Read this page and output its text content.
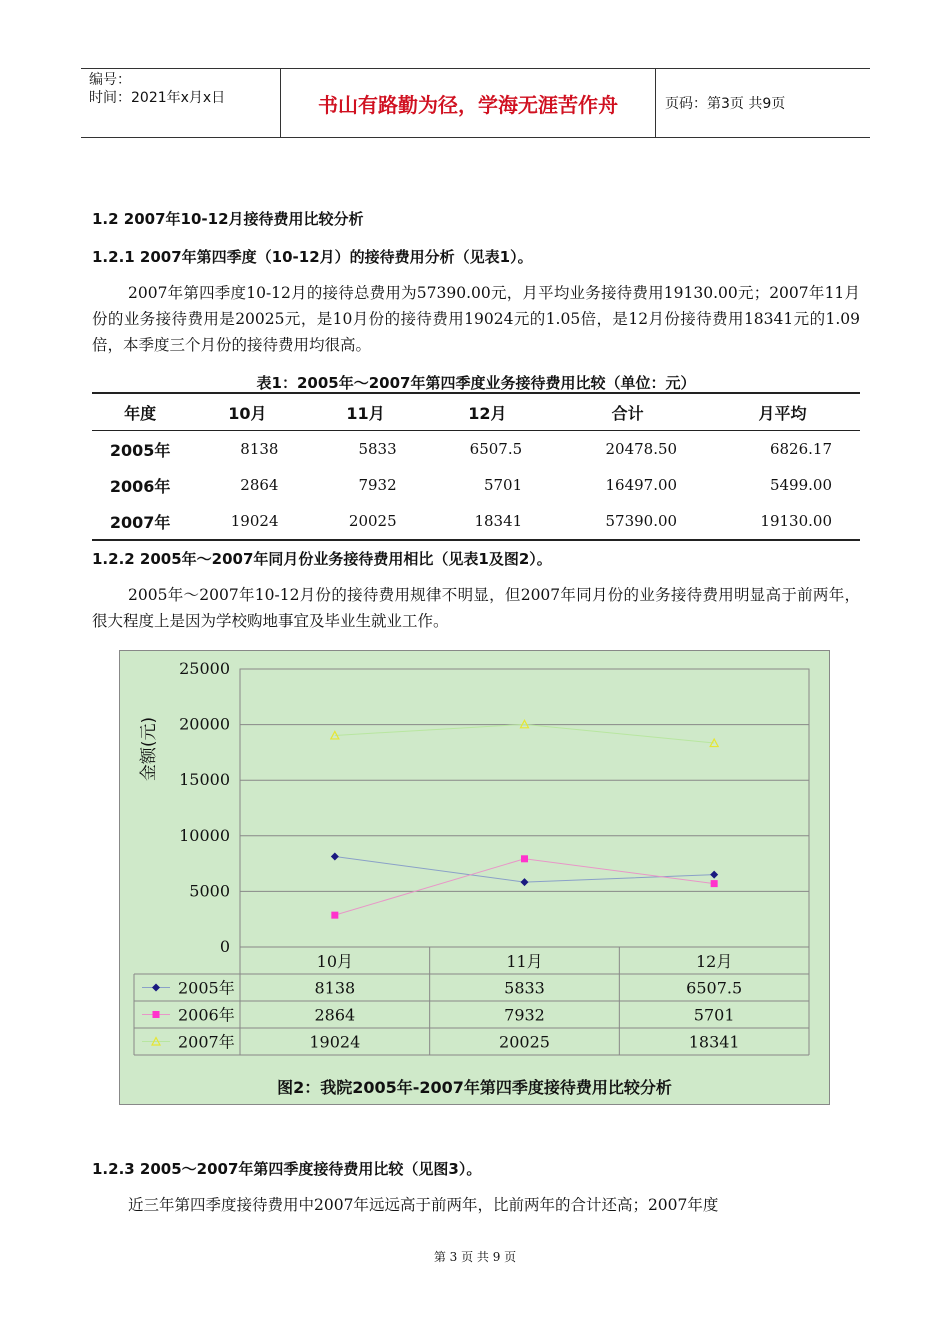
编号：
时间：2021年x月x日	书山有路勤为径，学海无涯苦作舟	页码：第3页 共9页
1.2 2007年10-12月接待费用比较分析
1.2.1 2007年第四季度（10-12月）的接待费用分析（见表1）。
2007年第四季度10-12月的接待总费用为57390.00元，月平均业务接待费用19130.00元；2007年11月份的业务接待费用是20025元，是10月份的接待费用19024元的1.05倍，是12月份接待费用18341元的1.09倍，本季度三个月份的接待费用均很高。
表1：2005年～2007年第四季度业务接待费用比较（单位：元）
年度	10月	11月	12月	合计	月平均
2005年	8138	5833	6507.5	20478.50	6826.17
2006年	2864	7932	5701	16497.00	5499.00
2007年	19024	20025	18341	57390.00	19130.00
1.2.2 2005年～2007年同月份业务接待费用相比（见表1及图2）。
2005年～2007年10-12月份的接待费用规律不明显，但2007年同月份的业务接待费用明显高于前两年，很大程度上是因为学校购地事宜及毕业生就业工作。
0
5000
10000
15000
20000
25000
金额(元)
10月	11月	12月
2005年	8138	5833	6507.5
2006年	2864	7932	5701
2007年	19024	20025	18341
图2：我院2005年-2007年第四季度接待费用比较分析
1.2.3 2005～2007年第四季度接待费用比较（见图3）。
近三年第四季度接待费用中2007年远远高于前两年，比前两年的合计还高；2007年度
第 3 页 共 9 页
